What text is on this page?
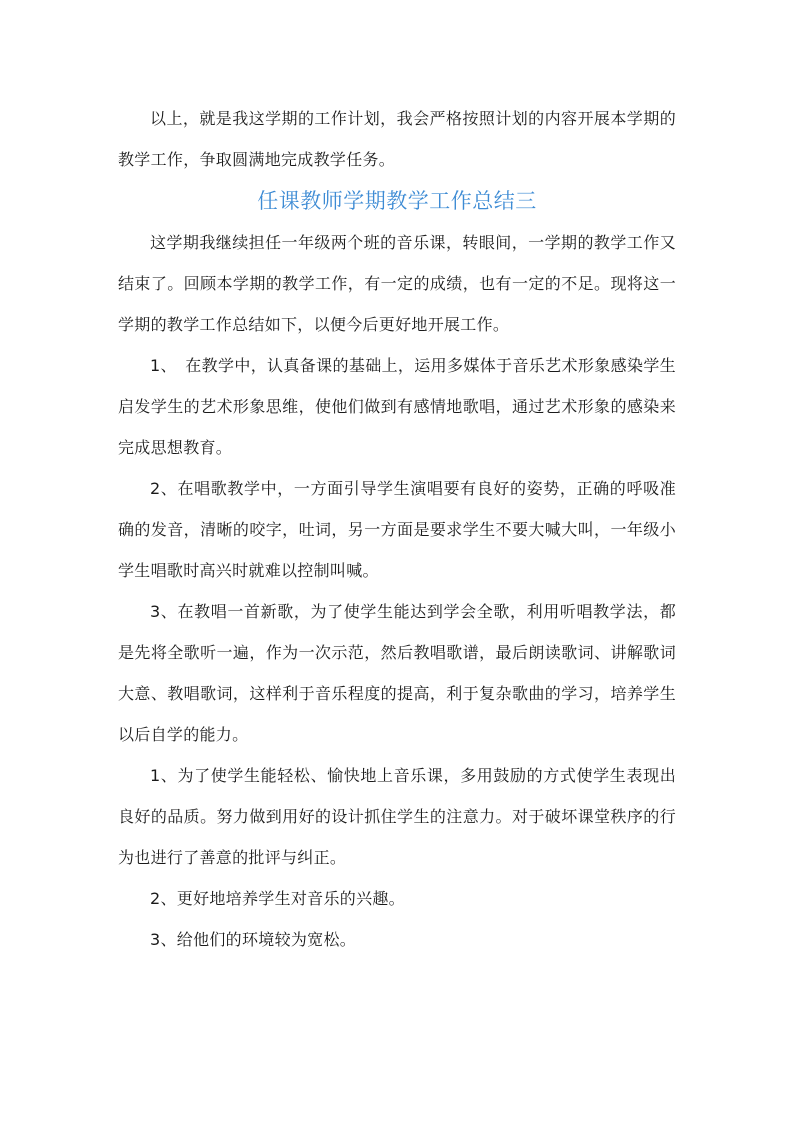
以上，就是我这学期的工作计划，我会严格按照计划的内容开展本学期的教学工作，争取圆满地完成教学任务。

任课教师学期教学工作总结三

这学期我继续担任一年级两个班的音乐课，转眼间，一学期的教学工作又结束了。回顾本学期的教学工作，有一定的成绩，也有一定的不足。现将这一学期的教学工作总结如下，以便今后更好地开展工作。

1、　在教学中，认真备课的基础上，运用多媒体于音乐艺术形象感染学生启发学生的艺术形象思维，使他们做到有感情地歌唱，通过艺术形象的感染来完成思想教育。

2、在唱歌教学中，一方面引导学生演唱要有良好的姿势，正确的呼吸准确的发音，清晰的咬字，吐词，另一方面是要求学生不要大喊大叫，一年级小学生唱歌时高兴时就难以控制叫喊。

3、在教唱一首新歌，为了使学生能达到学会全歌，利用听唱教学法，都是先将全歌听一遍，作为一次示范，然后教唱歌谱，最后朗读歌词、讲解歌词大意、教唱歌词，这样利于音乐程度的提高，利于复杂歌曲的学习，培养学生以后自学的能力。

1、为了使学生能轻松、愉快地上音乐课，多用鼓励的方式使学生表现出良好的品质。努力做到用好的设计抓住学生的注意力。对于破坏课堂秩序的行为也进行了善意的批评与纠正。

2、更好地培养学生对音乐的兴趣。

3、给他们的环境较为宽松。
